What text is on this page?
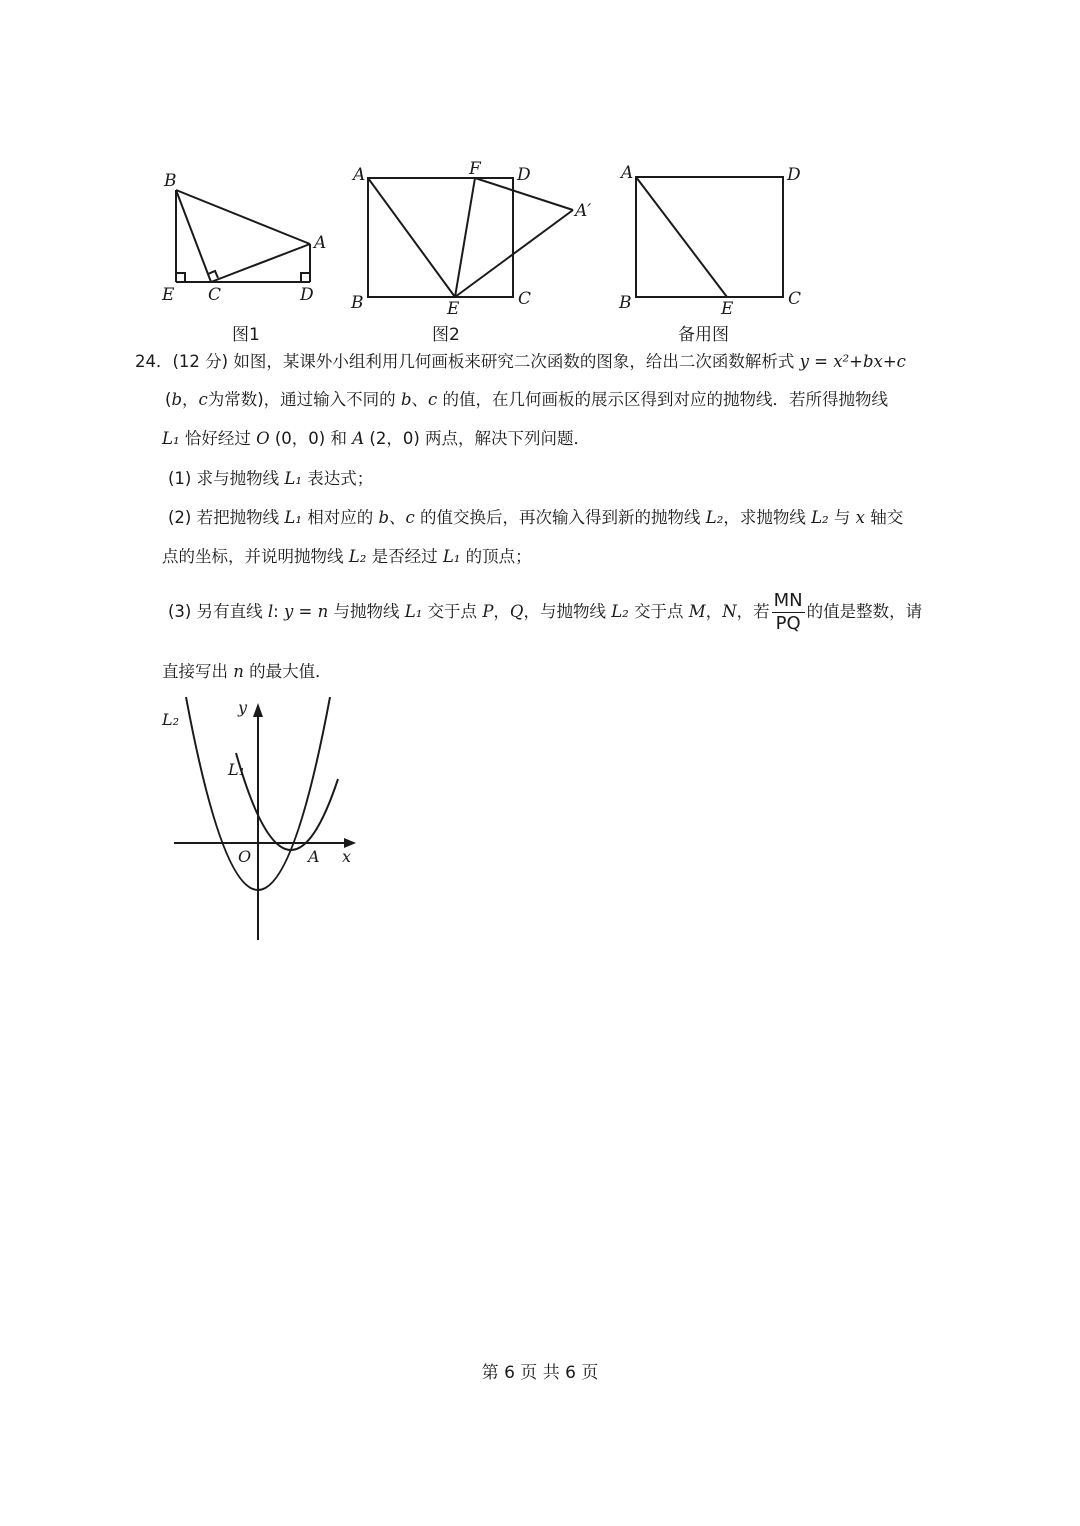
B
A
E C	D
图1
A	F D
A′
B	E	C
图2
A	D
B	E	C
备用图
24．(12 分) 如图，某课外小组利用几何画板来研究二次函数的图象，给出二次函数解析式 y = x²+bx+c
(b，c为常数)，通过输入不同的 b、c 的值，在几何画板的展示区得到对应的抛物线．若所得抛物线
L₁ 恰好经过 O (0，0) 和 A (2，0) 两点，解决下列问题．
(1) 求与抛物线 L₁ 表达式；
(2) 若把抛物线 L₁ 相对应的 b、c 的值交换后，再次输入得到新的抛物线 L₂，求抛物线 L₂ 与 x 轴交
点的坐标，并说明抛物线 L₂ 是否经过 L₁ 的顶点；
(3) 另有直线 l: y = n 与抛物线 L₁ 交于点 P，Q，与抛物线 L₂ 交于点 M，N，若 $\frac{MN}{PQ}$ 的值是整数，请
直接写出 n 的最大值．
L₂
L₁
y
O	A x
第 6 页 共 6 页
